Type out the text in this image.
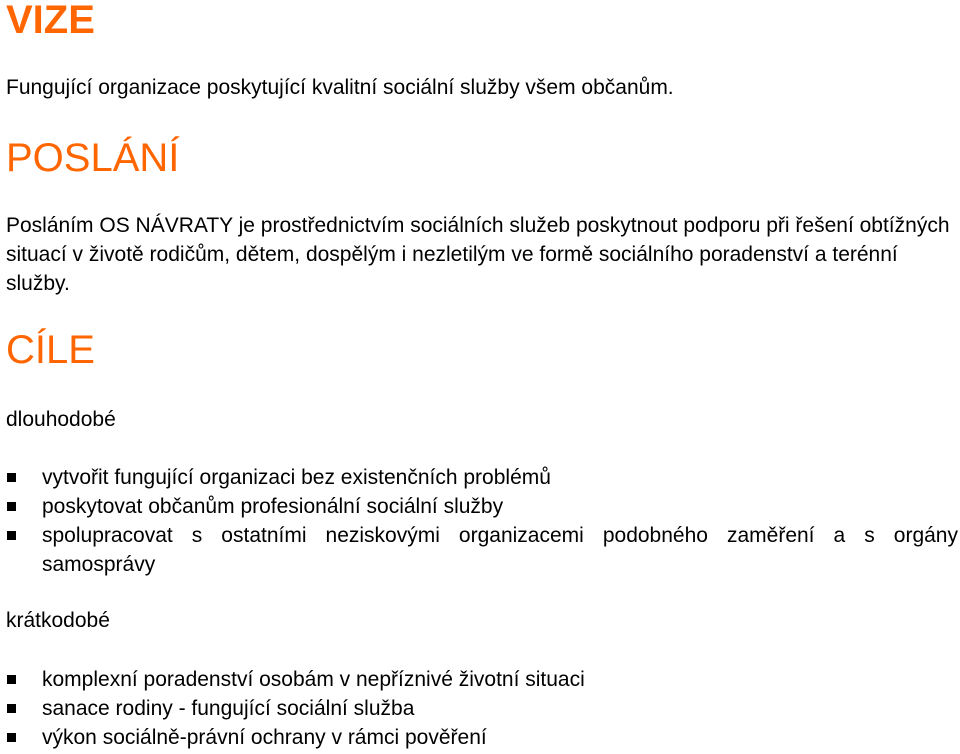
VIZE

Fungující organizace poskytující kvalitní sociální služby všem občanům.

POSLÁNÍ

Posláním OS NÁVRATY je prostřednictvím sociálních služeb poskytnout podporu při řešení obtížných situací v životě rodičům, dětem, dospělým i nezletilým ve formě sociálního poradenství a terénní služby.

CÍLE

dlouhodobé

vytvořit fungující organizaci bez existenčních problémů
poskytovat občanům profesionální sociální služby
spolupracovat s ostatními neziskovými organizacemi podobného zaměření a s orgány samosprávy

krátkodobé

komplexní poradenství osobám v nepříznivé životní situaci
sanace rodiny - fungující sociální služba
výkon sociálně-právní ochrany v rámci pověření
